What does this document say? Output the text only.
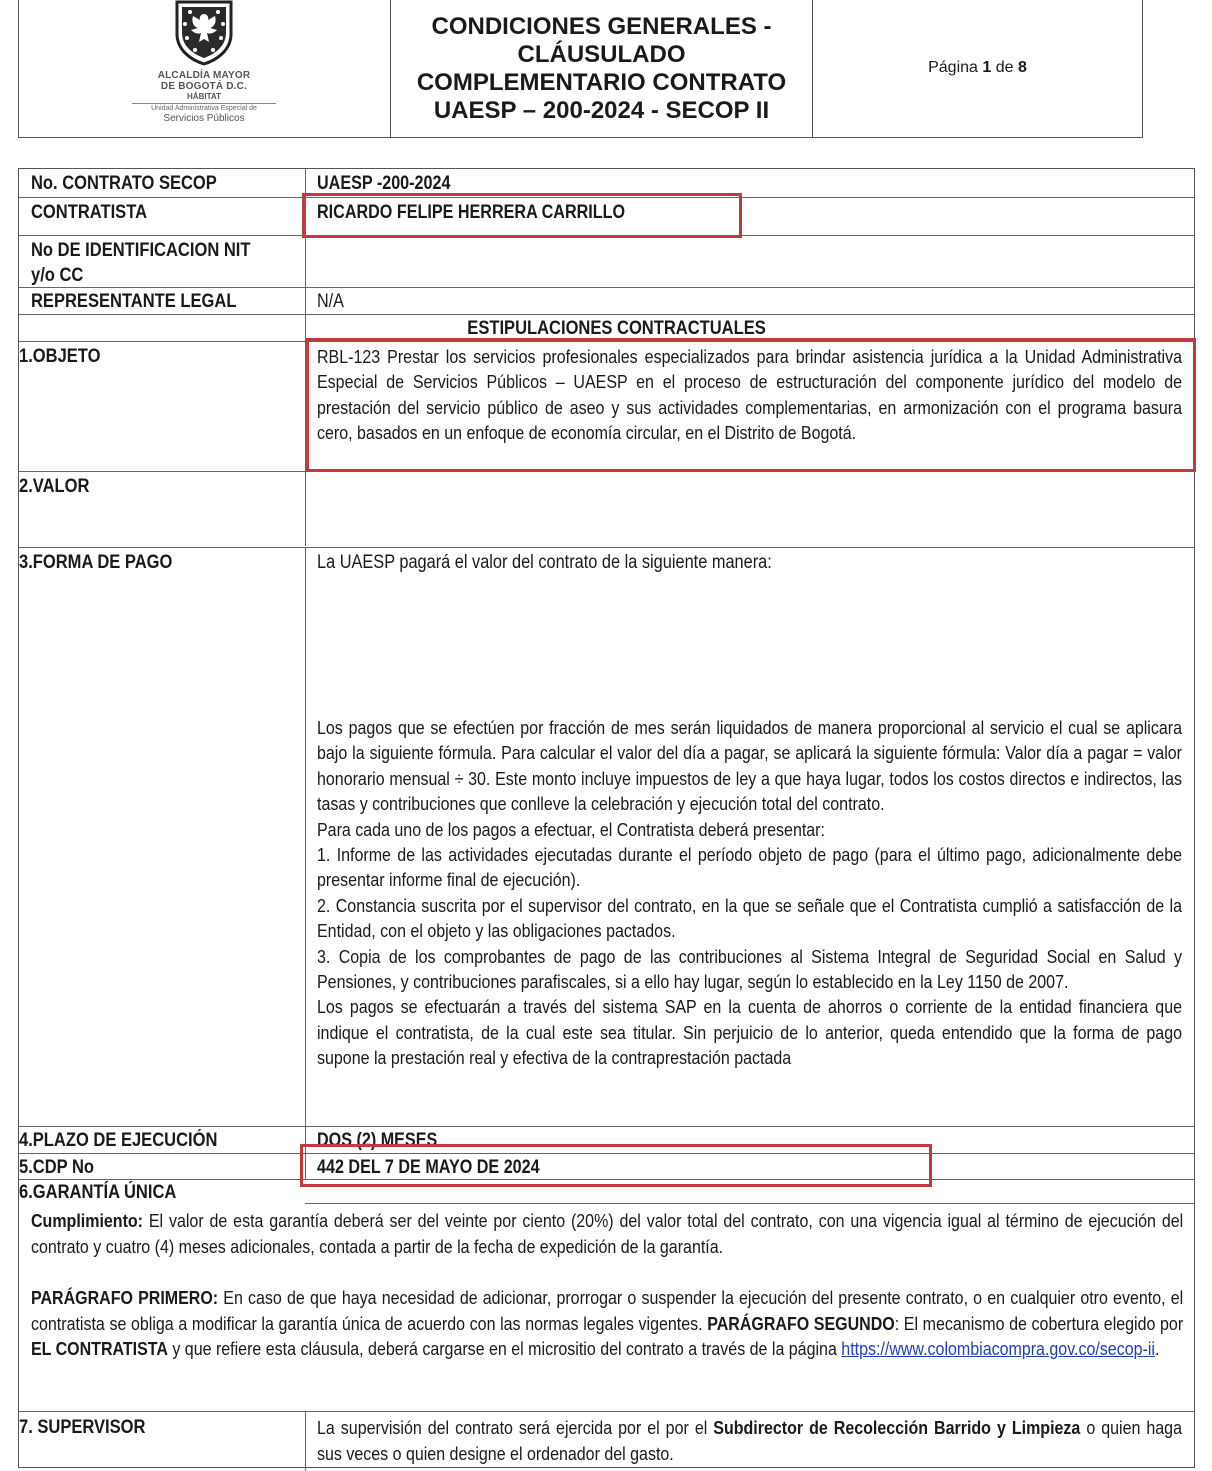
ALCALDÍA MAYOR
DE BOGOTÁ D.C.
HÁBITAT
Unidad Administrativa Especial de
Servicios Públicos
CONDICIONES GENERALES - CLÁUSULADO COMPLEMENTARIO CONTRATO UAESP – 200-2024 - SECOP II
Página
1
de
8
No. CONTRATO SECOP	UAESP -200-2024
CONTRATISTA	RICARDO FELIPE HERRERA CARRILLO
No DE IDENTIFICACION NIT
y/o CC
REPRESENTANTE LEGAL	N/A
ESTIPULACIONES CONTRACTUALES
1.OBJETO	RBL-123 Prestar los servicios profesionales especializados para brindar asistencia jurídica a la Unidad Administrativa Especial de Servicios Públicos – UAESP en el proceso de estructuración del componente jurídico del modelo de prestación del servicio público de aseo y sus actividades complementarias, en armonización con el programa basura cero, basados en un enfoque de economía circular, en el Distrito de Bogotá.
2.VALOR
3.FORMA DE PAGO	La UAESP pagará el valor del contrato de la siguiente manera:
Los pagos que se efectúen por fracción de mes serán liquidados de manera proporcional al servicio el cual se aplicara bajo la siguiente fórmula. Para calcular el valor del día a pagar, se aplicará la siguiente fórmula: Valor día a pagar = valor honorario mensual ÷ 30. Este monto incluye impuestos de ley a que haya lugar, todos los costos directos e indirectos, las tasas y contribuciones que conlleve la celebración y ejecución total del contrato.
Para cada uno de los pagos a efectuar, el Contratista deberá presentar:
1. Informe de las actividades ejecutadas durante el período objeto de pago (para el último pago, adicionalmente debe presentar informe final de ejecución).
2. Constancia suscrita por el supervisor del contrato, en la que se señale que el Contratista cumplió a satisfacción de la Entidad, con el objeto y las obligaciones pactados.
3. Copia de los comprobantes de pago de las contribuciones al Sistema Integral de Seguridad Social en Salud y Pensiones, y contribuciones parafiscales, si a ello hay lugar, según lo establecido en la Ley 1150 de 2007.
Los pagos se efectuarán a través del sistema SAP en la cuenta de ahorros o corriente de la entidad financiera que indique el contratista, de la cual este sea titular. Sin perjuicio de lo anterior, queda entendido que la forma de pago supone la prestación real y efectiva de la contraprestación pactada
4.PLAZO DE EJECUCIÓN	DOS (2) MESES
5.CDP No	442 DEL 7 DE MAYO DE 2024
6.GARANTÍA ÚNICA
Cumplimiento: El valor de esta garantía deberá ser del veinte por ciento (20%) del valor total del contrato, con una vigencia igual al término de ejecución del contrato y cuatro (4) meses adicionales, contada a partir de la fecha de expedición de la garantía.
PARÁGRAFO PRIMERO: En caso de que haya necesidad de adicionar, prorrogar o suspender la ejecución del presente contrato, o en cualquier otro evento, el contratista se obliga a modificar la garantía única de acuerdo con las normas legales vigentes. PARÁGRAFO SEGUNDO: El mecanismo de cobertura elegido por EL CONTRATISTA y que refiere esta cláusula, deberá cargarse en el micrositio del contrato a través de la página https://www.colombiacompra.gov.co/secop-ii.
7. SUPERVISOR	La supervisión del contrato será ejercida por el por el Subdirector de Recolección Barrido y Limpieza o quien haga sus veces o quien designe el ordenador del gasto.
